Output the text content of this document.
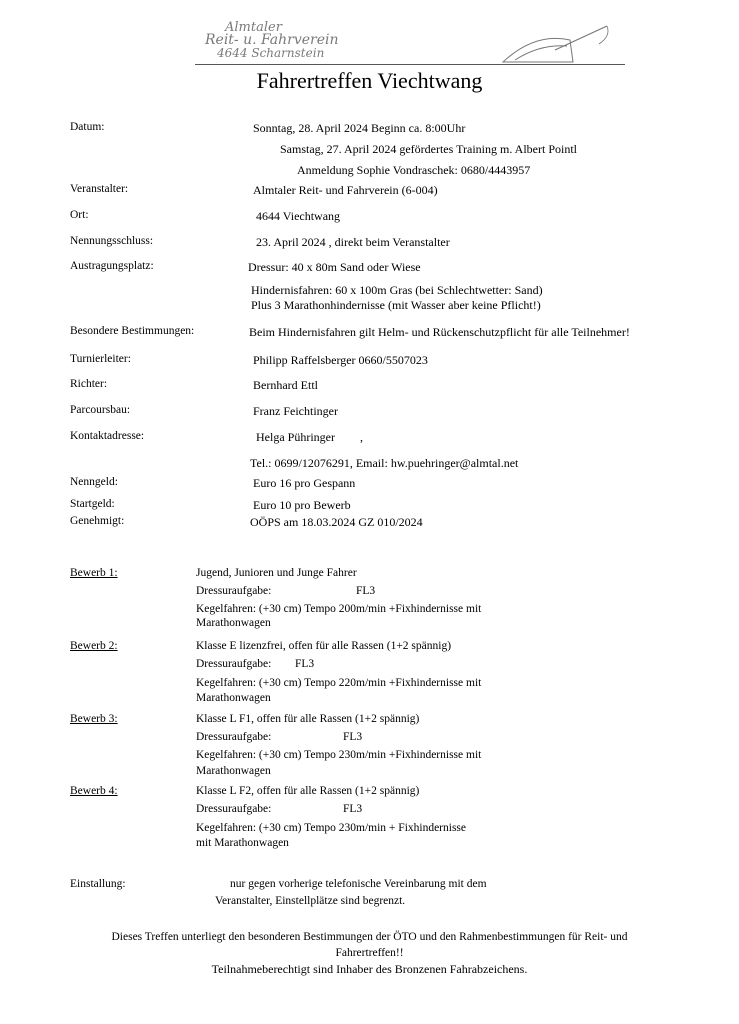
Almtaler
Reit- u. Fahrverein
4644 Scharnstein
Fahrertreffen Viechtwang
Datum:	Sonntag, 28. April 2024 Beginn ca. 8:00Uhr
Samstag, 27. April 2024 gefördertes Training m. Albert Pointl
Anmeldung Sophie Vondraschek: 0680/4443957
Veranstalter:	Almtaler Reit- und Fahrverein (6-004)
Ort:	4644 Viechtwang
Nennungsschluss:	23. April 2024 , direkt beim Veranstalter
Austragungsplatz:	Dressur: 40 x 80m Sand oder Wiese
Hindernisfahren: 60 x 100m Gras (bei Schlechtwetter: Sand)
Plus 3 Marathonhindernisse (mit Wasser aber keine Pflicht!)
Besondere Bestimmungen:	Beim Hindernisfahren gilt Helm- und Rückenschutzpflicht für alle Teilnehmer!
Turnierleiter:	Philipp Raffelsberger 0660/5507023
Richter:	Bernhard Ettl
Parcoursbau:	Franz Feichtinger
Kontaktadresse:	Helga Pühringer ,
Tel.: 0699/12076291, Email: hw.puehringer@almtal.net
Nenngeld:	Euro 16 pro Gespann
Startgeld:	Euro 10 pro Bewerb
Genehmigt:	OÖPS am 18.03.2024 GZ 010/2024
Bewerb 1:	Jugend, Junioren und Junge Fahrer
Dressuraufgabe:	FL3
Kegelfahren: (+30 cm) Tempo 200m/min +Fixhindernisse mit
Marathonwagen
Bewerb 2:	Klasse E lizenzfrei, offen für alle Rassen (1+2 spännig)
Dressuraufgabe: FL3
Kegelfahren: (+30 cm) Tempo 220m/min +Fixhindernisse mit
Marathonwagen
Bewerb 3:	Klasse L F1, offen für alle Rassen (1+2 spännig)
Dressuraufgabe:	FL3
Kegelfahren: (+30 cm) Tempo 230m/min +Fixhindernisse mit
Marathonwagen
Bewerb 4:	Klasse L F2, offen für alle Rassen (1+2 spännig)
Dressuraufgabe:	FL3
Kegelfahren: (+30 cm) Tempo 230m/min + Fixhindernisse
mit Marathonwagen
Einstallung:	nur gegen vorherige telefonische Vereinbarung mit dem
Veranstalter, Einstellplätze sind begrenzt.
Dieses Treffen unterliegt den besonderen Bestimmungen der ÖTO und den Rahmenbestimmungen für Reit- und
Fahrertreffen!!
Teilnahmeberechtigt sind Inhaber des Bronzenen Fahrabzeichens.
